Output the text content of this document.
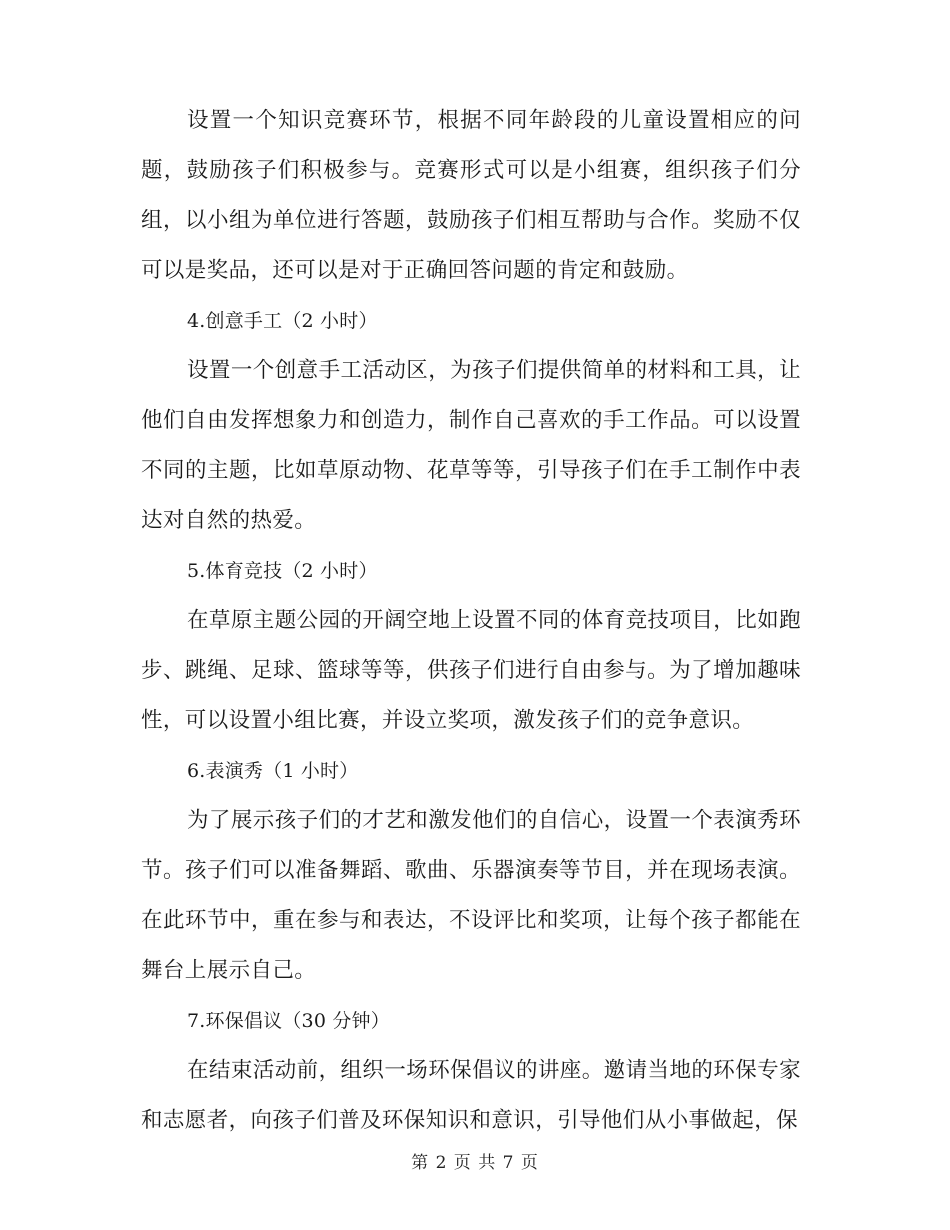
设置一个知识竞赛环节，根据不同年龄段的儿童设置相应的问题，鼓励孩子们积极参与。竞赛形式可以是小组赛，组织孩子们分组，以小组为单位进行答题，鼓励孩子们相互帮助与合作。奖励不仅可以是奖品，还可以是对于正确回答问题的肯定和鼓励。

4.创意手工（2 小时）

设置一个创意手工活动区，为孩子们提供简单的材料和工具，让他们自由发挥想象力和创造力，制作自己喜欢的手工作品。可以设置不同的主题，比如草原动物、花草等等，引导孩子们在手工制作中表达对自然的热爱。

5.体育竞技（2 小时）

在草原主题公园的开阔空地上设置不同的体育竞技项目，比如跑步、跳绳、足球、篮球等等，供孩子们进行自由参与。为了增加趣味性，可以设置小组比赛，并设立奖项，激发孩子们的竞争意识。

6.表演秀（1 小时）

为了展示孩子们的才艺和激发他们的自信心，设置一个表演秀环节。孩子们可以准备舞蹈、歌曲、乐器演奏等节目，并在现场表演。在此环节中，重在参与和表达，不设评比和奖项，让每个孩子都能在舞台上展示自己。

7.环保倡议（30 分钟）

在结束活动前，组织一场环保倡议的讲座。邀请当地的环保专家和志愿者，向孩子们普及环保知识和意识，引导他们从小事做起，保

第 2 页 共 7 页
